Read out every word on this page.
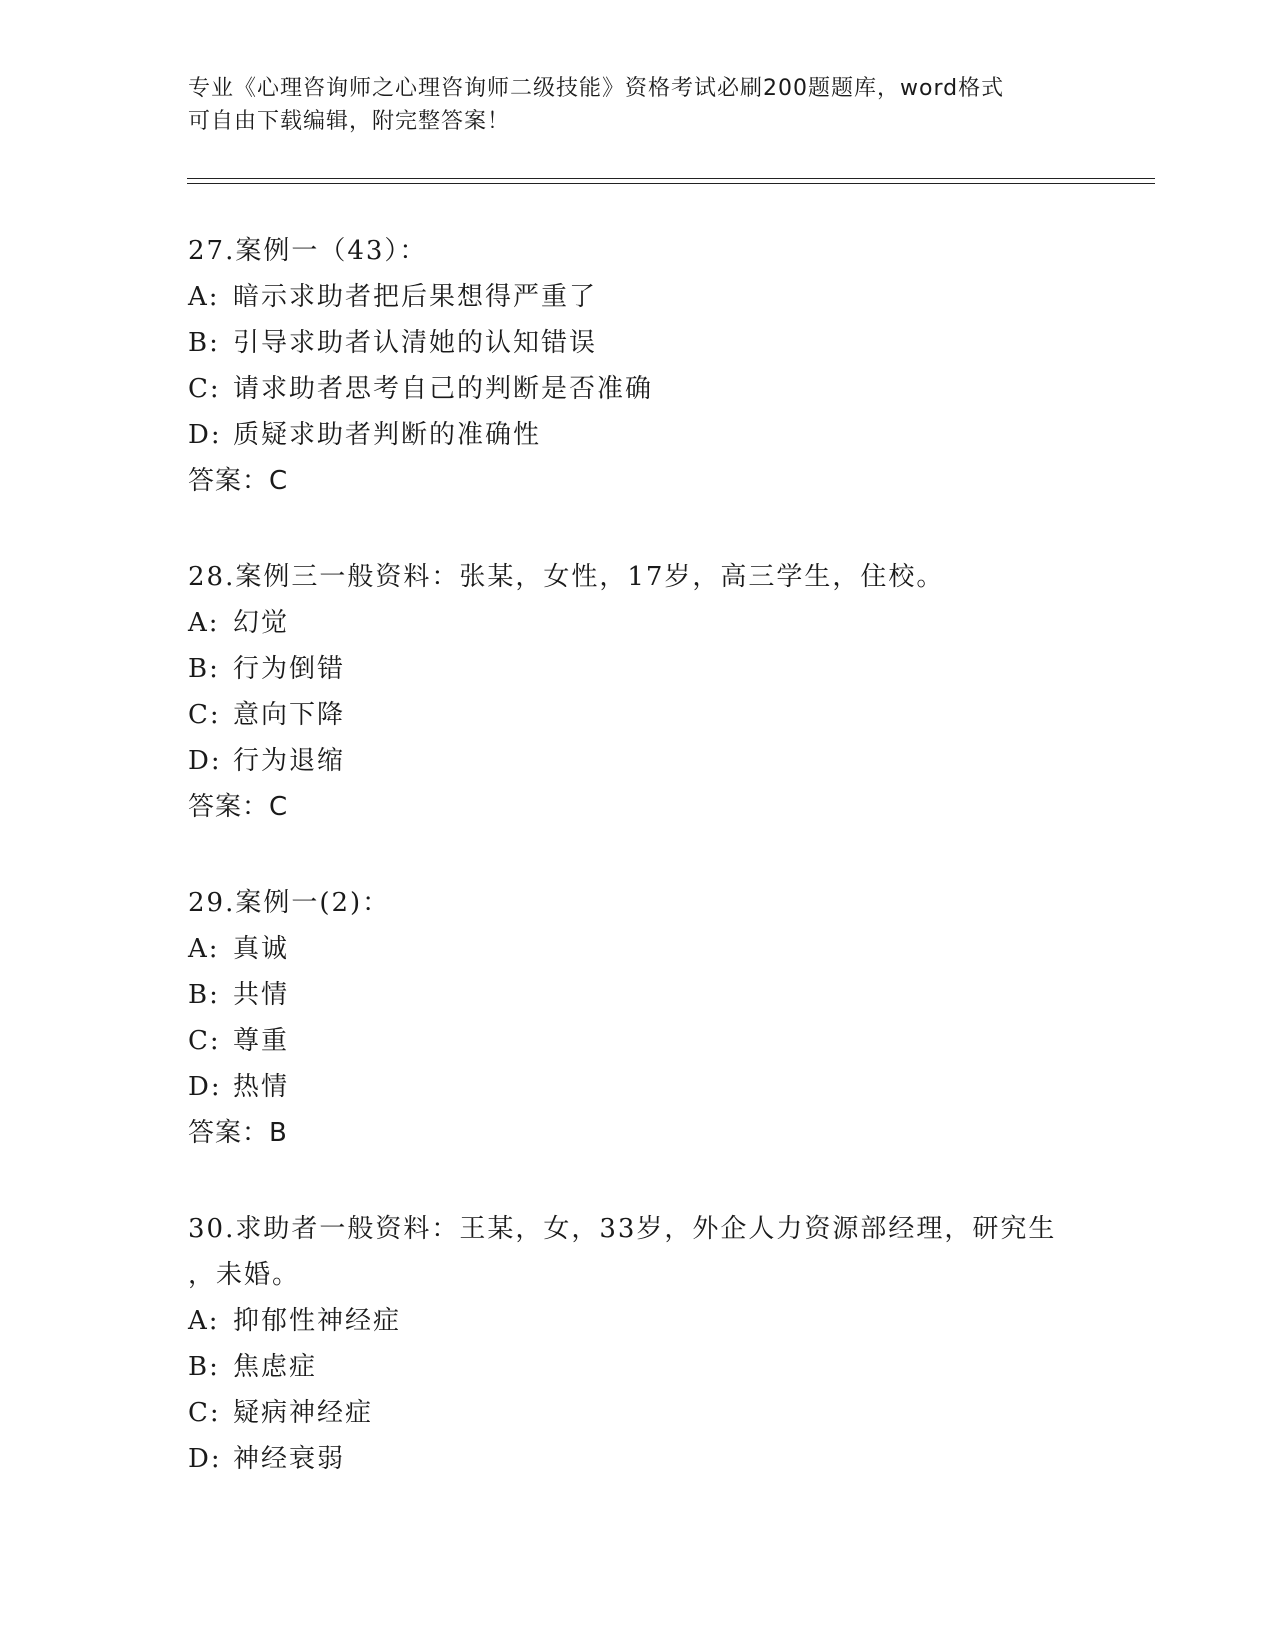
专业《心理咨询师之心理咨询师二级技能》资格考试必刷200题题库，word格式
可自由下载编辑，附完整答案！
27.案例一（43）：
A: 暗示求助者把后果想得严重了
B: 引导求助者认清她的认知错误
C: 请求助者思考自己的判断是否准确
D: 质疑求助者判断的准确性
答案：C
28.案例三一般资料：张某，女性，17岁，高三学生，住校。
A: 幻觉
B: 行为倒错
C: 意向下降
D: 行为退缩
答案：C
29.案例一(2)：
A: 真诚
B: 共情
C: 尊重
D: 热情
答案：B
30.求助者一般资料：王某，女，33岁，外企人力资源部经理，研究生
，未婚。
A: 抑郁性神经症
B: 焦虑症
C: 疑病神经症
D: 神经衰弱
